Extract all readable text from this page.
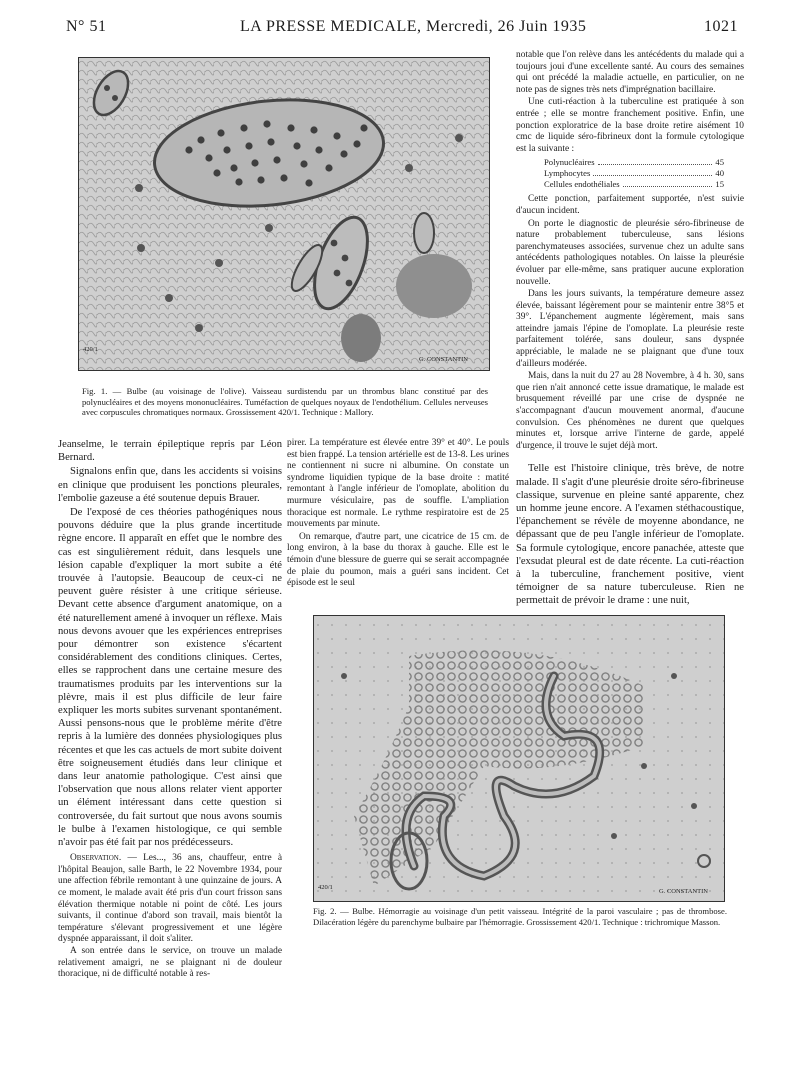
N° 51	LA PRESSE MEDICALE, Mercredi, 26 Juin 1935	1021
420/1
G. CONSTANTIN
Fig. 1. — Bulbe (au voisinage de l'olive). Vaisseau surdistendu par un thrombus blanc constitué par des polynucléaires et des moyens mononucléaires. Tuméfaction de quelques noyaux de l'endothélium. Cellules nerveuses avec corpuscules chromatiques normaux. Grossissement 420/1. Technique : Mallory.
420/1
G. CONSTANTIN
Fig. 2. — Bulbe. Hémorragie au voisinage d'un petit vaisseau. Intégrité de la paroi vasculaire ; pas de thrombose. Dilacération légère du parenchyme bulbaire par l'hémorragie. Grossissement 420/1. Technique : trichromique Masson.

Jeanselme, le terrain épileptique repris par Léon Bernard.

Signalons enfin que, dans les accidents si voisins en clinique que produisent les ponctions pleurales, l'embolie gazeuse a été soutenue depuis Brauer.

De l'exposé de ces théories pathogéniques nous pouvons déduire que la plus grande incertitude règne encore. Il apparaît en effet que le nombre des cas est singulièrement réduit, dans lesquels une lésion capable d'expliquer la mort subite a été trouvée à l'autopsie. Beaucoup de ceux-ci ne peuvent guère résister à une critique sérieuse. Devant cette absence d'argument anatomique, on a été naturellement amené à invoquer un réflexe. Mais nous devons avouer que les expériences entreprises pour démontrer son existence s'écartent considérablement des conditions cliniques. Certes, elles se rapprochent dans une certaine mesure des traumatismes produits par les interventions sur la plèvre, mais il est plus difficile de leur faire expliquer les morts subites survenant spontanément. Aussi pensons-nous que le problème mérite d'être repris à la lumière des données physiologiques plus récentes et que les cas actuels de mort subite doivent être soigneusement étudiés dans leur clinique et dans leur anatomie pathologique. C'est ainsi que l'observation que nous allons relater vient apporter un élément intéressant dans cette question si controversée, du fait surtout que nous avons soumis le bulbe à l'examen histologique, ce qui semble n'avoir pas été fait par nos prédécesseurs.

Observation. — Les..., 36 ans, chauffeur, entre à l'hôpital Beaujon, salle Barth, le 22 Novembre 1934, pour une affection fébrile remontant à une quinzaine de jours. A ce moment, le malade avait été pris d'un court frisson sans élévation thermique notable ni point de côté. Les jours suivants, il continue d'abord son travail, mais bientôt la température s'élevant progressivement et une légère dyspnée apparaissant, il doit s'aliter.

A son entrée dans le service, on trouve un malade relativement amaigri, ne se plaignant ni de douleur thoracique, ni de difficulté notable à res-

pirer. La température est élevée entre 39° et 40°. Le pouls est bien frappé. La tension artérielle est de 13-8. Les urines ne contiennent ni sucre ni albumine. On constate un syndrome liquidien typique de la base droite : matité remontant à l'angle inférieur de l'omoplate, abolition du murmure vésiculaire, pas de souffle. L'ampliation thoracique est normale. Le rythme respiratoire est de 25 mouvements par minute.

On remarque, d'autre part, une cicatrice de 15 cm. de long environ, à la base du thorax à gauche. Elle est le témoin d'une blessure de guerre qui se serait accompagnée de plaie du poumon, mais a guéri sans incident. Cet épisode est le seul

notable que l'on relève dans les antécédents du malade qui a toujours joui d'une excellente santé. Au cours des semaines qui ont précédé la maladie actuelle, en particulier, on ne note pas de signes très nets d'imprégnation bacillaire.

Une cuti-réaction à la tuberculine est pratiquée à son entrée ; elle se montre franchement positive. Enfin, une ponction exploratrice de la base droite retire aisément 10 cmc de liquide séro-fibrineux dont la formule cytologique est la suivante :

Polynucléaires	45
Lymphocytes	40
Cellules endothéliales	15

Cette ponction, parfaitement supportée, n'est suivie d'aucun incident.

On porte le diagnostic de pleurésie séro-fibrineuse de nature probablement tuberculeuse, sans lésions parenchymateuses associées, survenue chez un adulte sans antécédents pathologiques notables. On laisse la pleurésie évoluer par elle-même, sans pratiquer aucune exploration nouvelle.

Dans les jours suivants, la température demeure assez élevée, baissant légèrement pour se maintenir entre 38°5 et 39°. L'épanchement augmente légèrement, mais sans atteindre jamais l'épine de l'omoplate. La pleurésie reste parfaitement tolérée, sans douleur, sans dyspnée appréciable, le malade ne se plaignant que d'une toux d'ailleurs modérée.

Mais, dans la nuit du 27 au 28 Novembre, à 4 h. 30, sans que rien n'ait annoncé cette issue dramatique, le malade est brusquement réveillé par une crise de dyspnée ne s'accompagnant d'aucun mouvement anormal, d'aucune convulsion. Ces phénomènes ne durent que quelques minutes et, lorsque arrive l'interne de garde, appelé d'urgence, il trouve le sujet déjà mort.

Telle est l'histoire clinique, très brève, de notre malade. Il s'agit d'une pleurésie droite séro-fibrineuse classique, survenue en pleine santé apparente, chez un homme jeune encore. A l'examen stéthacoustique, l'épanchement se révèle de moyenne abondance, ne dépassant que de peu l'angle inférieur de l'omoplate. Sa formule cytologique, encore panachée, atteste que l'exsudat pleural est de date récente. La cuti-réaction à la tuberculine, franchement positive, vient témoigner de sa nature tuberculeuse. Rien ne permettait de prévoir le drame : une nuit,
